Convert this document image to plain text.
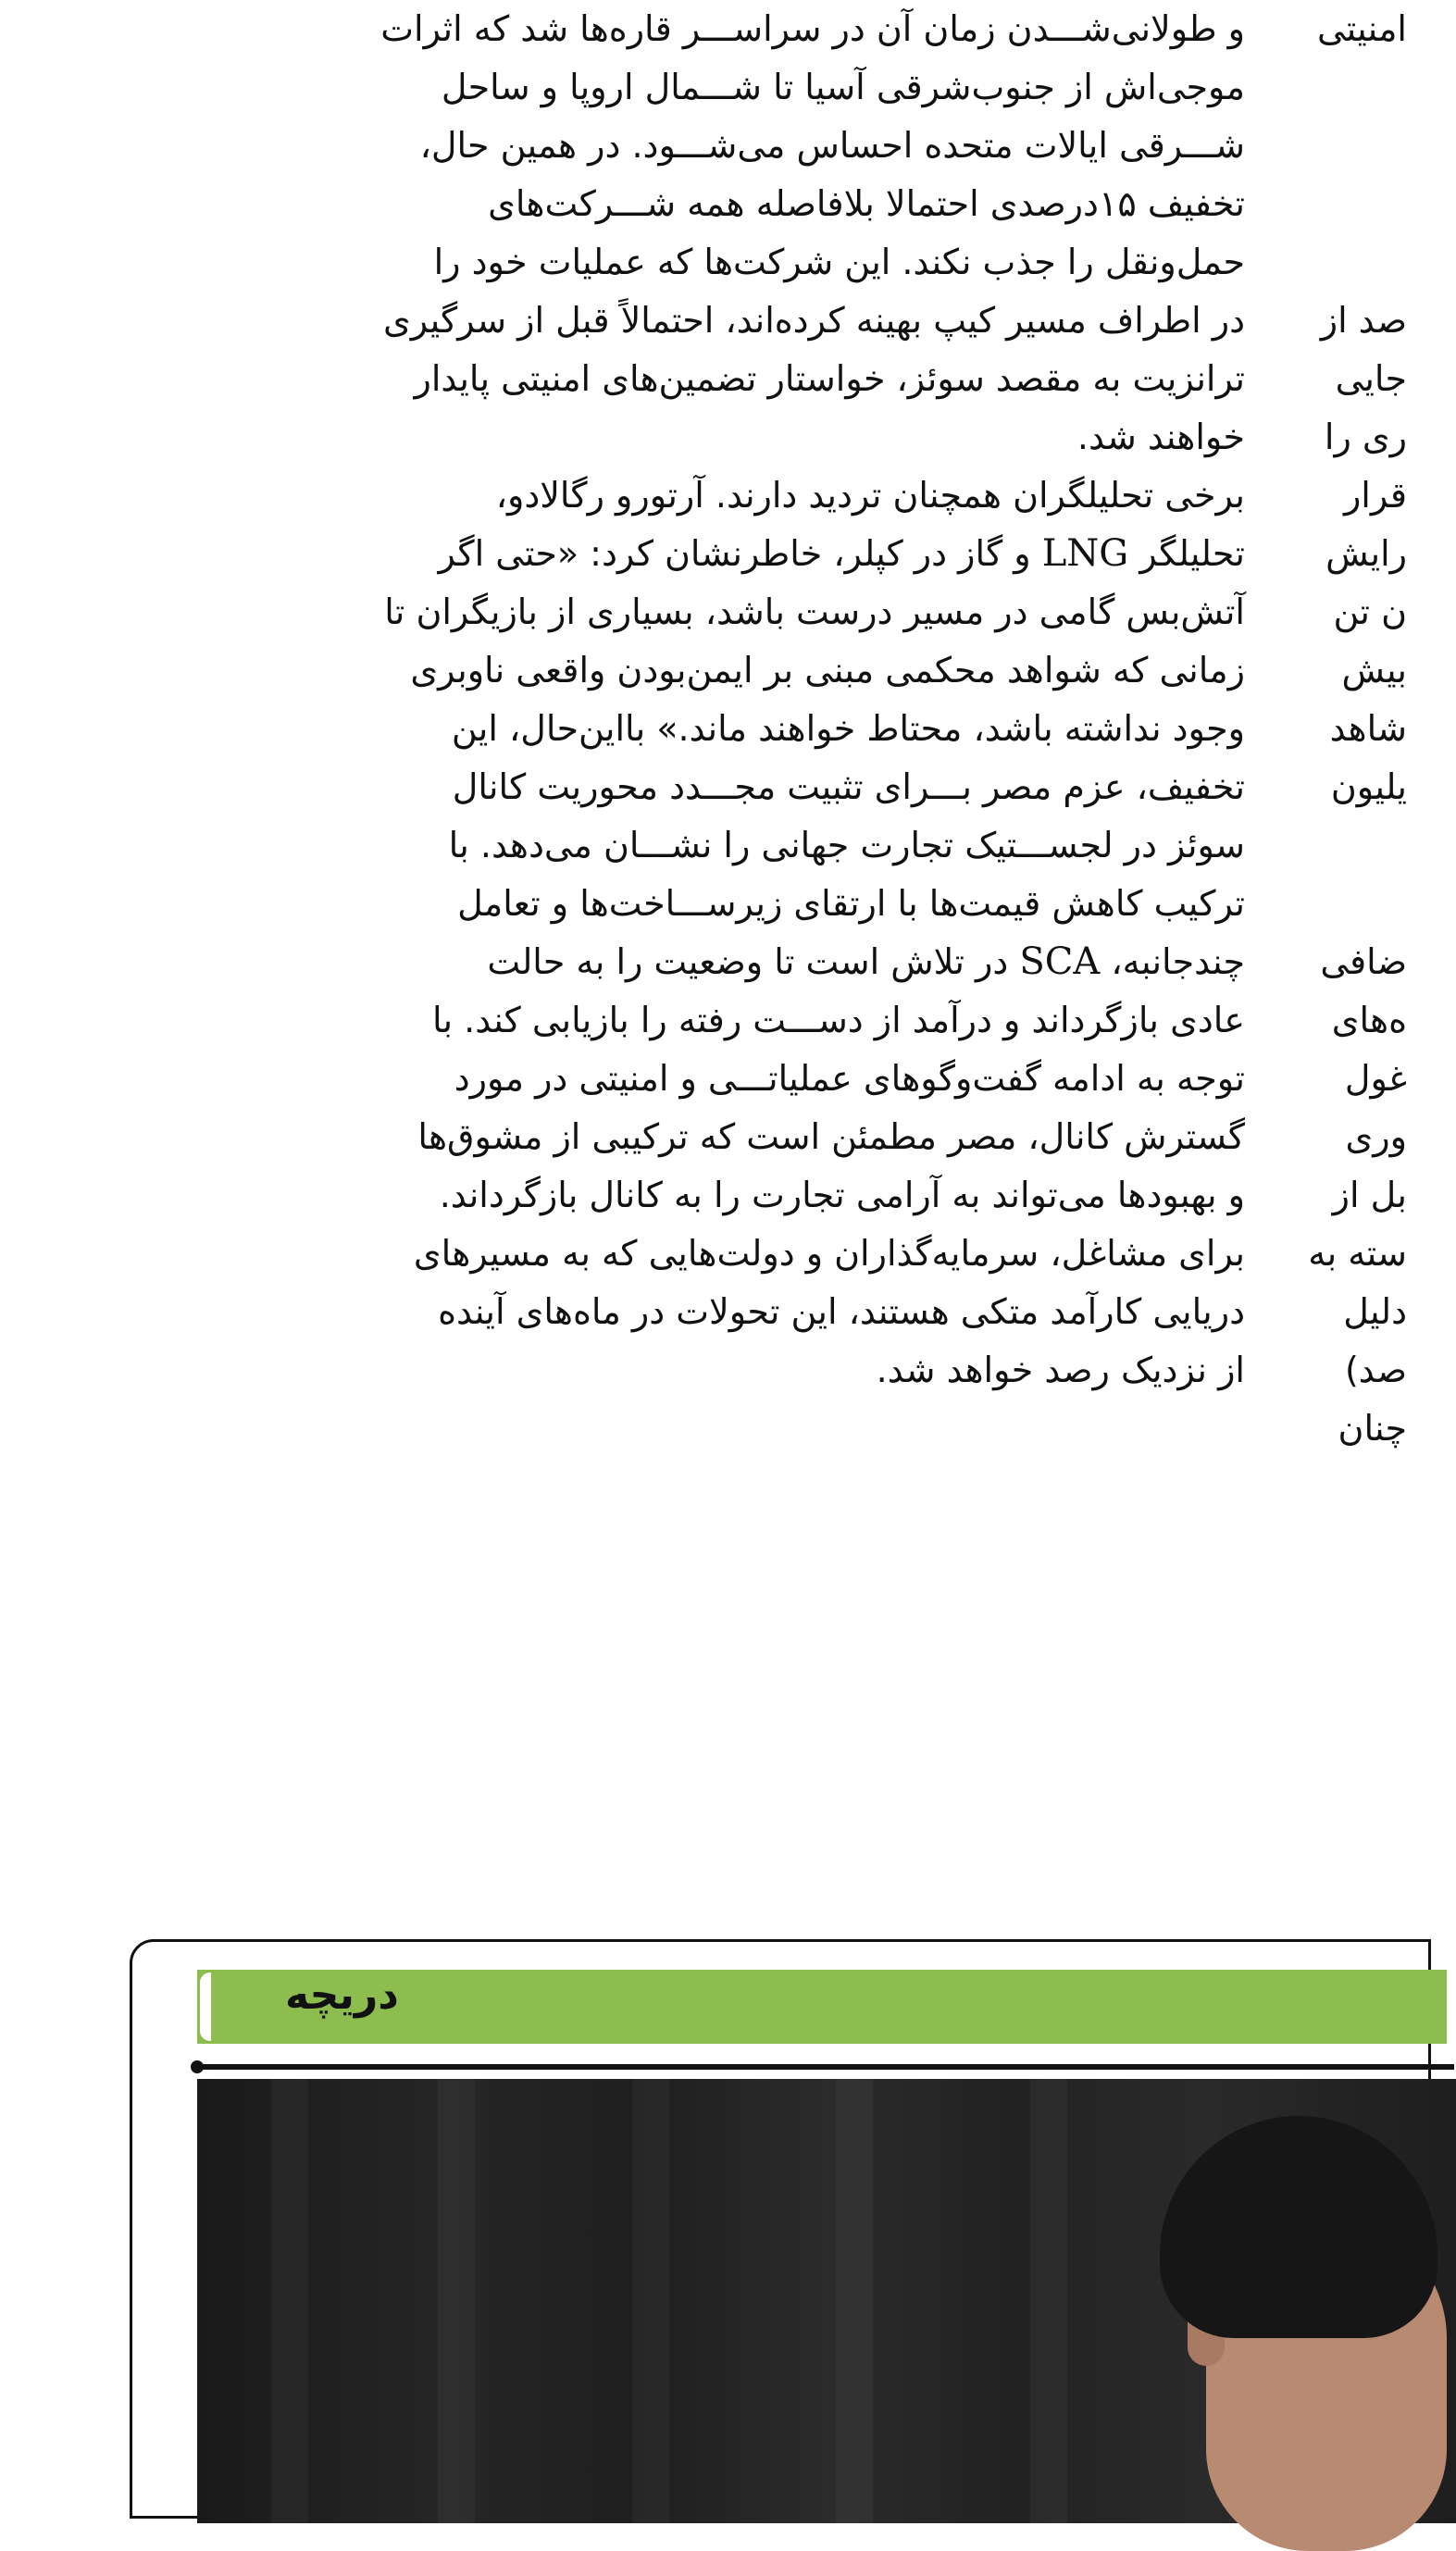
و طولانی‌شـــدن زمان آن در سراســـر قاره‌ها شد که اثرات
موجی‌اش از جنوب‌شرقی آسیا تا شـــمال اروپا و ساحل
شـــرقی ایالات متحده احساس می‌شـــود. در همین حال،
تخفیف ۱۵درصدی احتمالا بلافاصله همه شـــرکت‌های
حمل‌ونقل را جذب نکند. این شرکت‌ها که عملیات خود را
در اطراف مسیر کیپ بهینه کرده‌اند، احتمالاً قبل از سرگیری
ترانزیت به مقصد سوئز، خواستار تضمین‌های امنیتی پایدار
خواهند شد.

برخی تحلیلگران همچنان تردید دارند. آرتورو رگالادو،
تحلیلگر LNG و گاز در کپلر، خاطرنشان کرد: «حتی اگر
آتش‌بس گامی در مسیر درست باشد، بسیاری از بازیگران تا
زمانی که شواهد محکمی مبنی بر ایمن‌بودن واقعی ناوبری
وجود نداشته باشد، محتاط خواهند ماند.» بااین‌حال، این
تخفیف، عزم مصر بـــرای تثبیت مجـــدد محوریت کانال
سوئز در لجســـتیک تجارت جهانی را نشـــان می‌دهد. با
ترکیب کاهش قیمت‌ها با ارتقای زیرســـاخت‌ها و تعامل
چندجانبه، SCA در تلاش است تا وضعیت را به حالت
عادی بازگرداند و درآمد از دســـت رفته را بازیابی کند. با
توجه به ادامه گفت‌وگوهای عملیاتـــی و امنیتی در مورد
گسترش کانال، مصر مطمئن است که ترکیبی از مشوق‌ها
و بهبودها می‌تواند به آرامی تجارت را به کانال بازگرداند.
برای مشاغل، سرمایه‌گذاران و دولت‌هایی که به مسیرهای
دریایی کارآمد متکی هستند، این تحولات در ماه‌های آینده
از نزدیک رصد خواهد شد.

امنیتی
صد از
جایی
ری را
قرار
رایش
ن تن
بیش
شاهد
یلیون
ضافی
ه‌های
غول
وری
بل از
سته به
دلیل
صد)
چنان
دریچه
